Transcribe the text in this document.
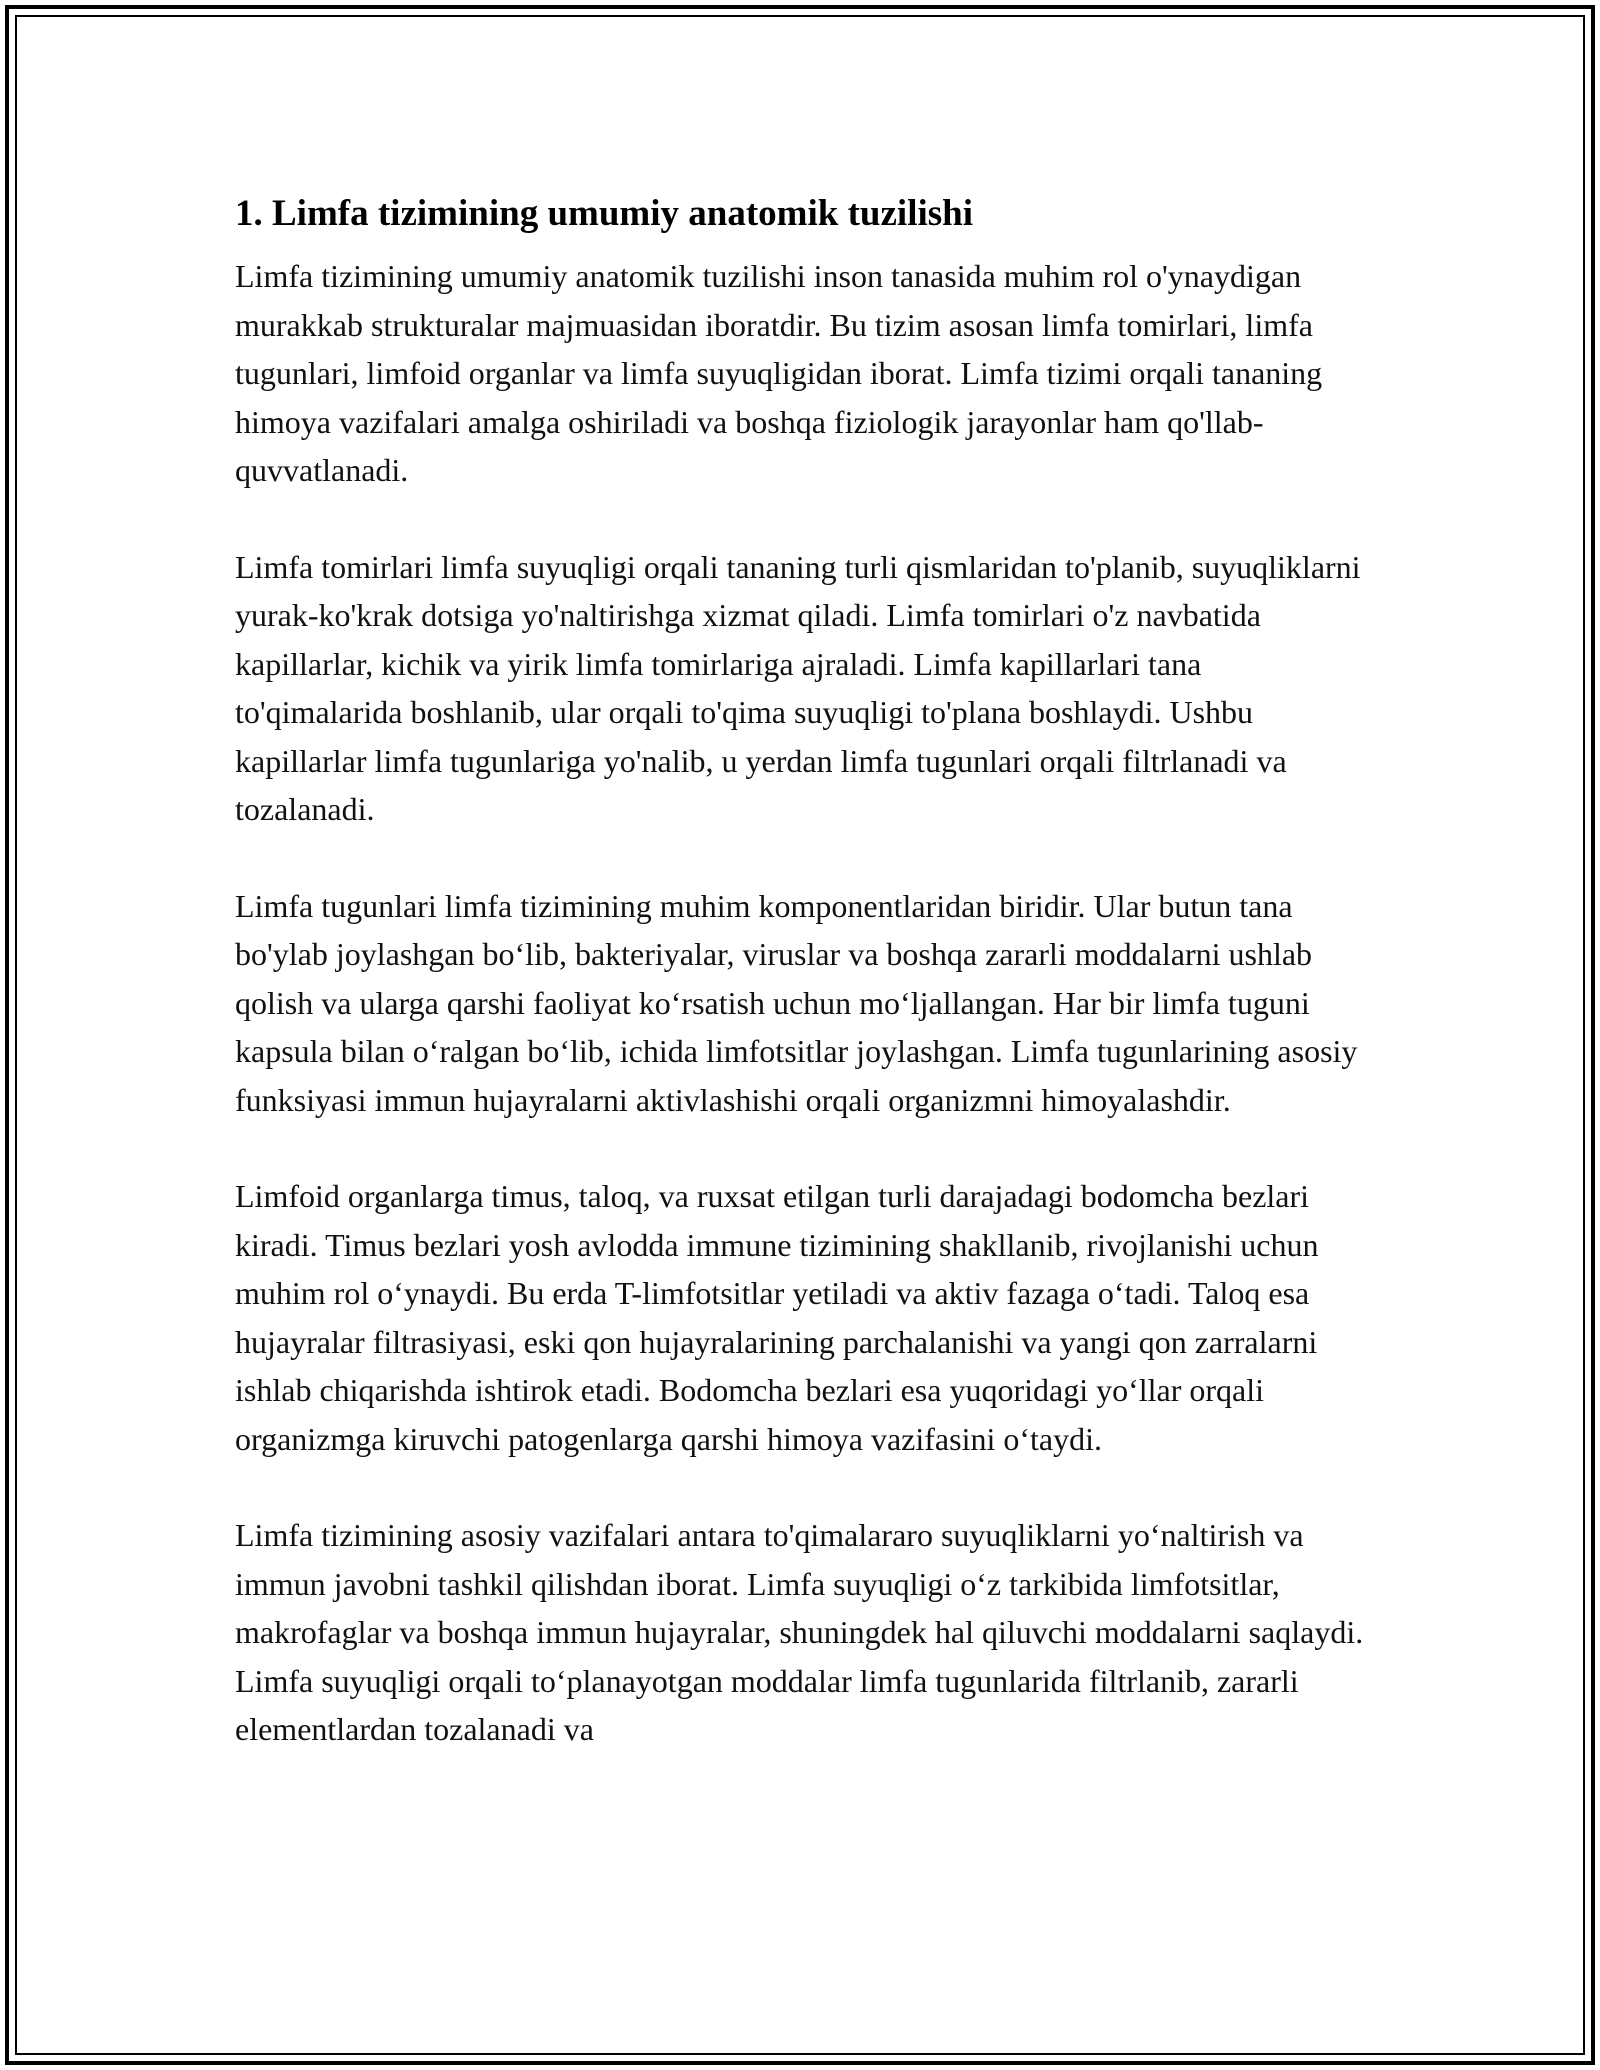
1. Limfa tizimining umumiy anatomik tuzilishi

Limfa tizimining umumiy anatomik tuzilishi inson tanasida muhim rol o'ynaydigan murakkab strukturalar majmuasidan iboratdir. Bu tizim asosan limfa tomirlari, limfa tugunlari, limfoid organlar va limfa suyuqligidan iborat. Limfa tizimi orqali tananing himoya vazifalari amalga oshiriladi va boshqa fiziologik jarayonlar ham qo'llab-quvvatlanadi.

Limfa tomirlari limfa suyuqligi orqali tananing turli qismlaridan to'planib, suyuqliklarni yurak-ko'krak dotsiga yo'naltirishga xizmat qiladi. Limfa tomirlari o'z navbatida kapillarlar, kichik va yirik limfa tomirlariga ajraladi. Limfa kapillarlari tana to'qimalarida boshlanib, ular orqali to'qima suyuqligi to'plana boshlaydi. Ushbu kapillarlar limfa tugunlariga yo'nalib, u yerdan limfa tugunlari orqali filtrlanadi va tozalanadi.

Limfa tugunlari limfa tizimining muhim komponentlaridan biridir. Ular butun tana bo'ylab joylashgan bo‘lib, bakteriyalar, viruslar va boshqa zararli moddalarni ushlab qolish va ularga qarshi faoliyat ko‘rsatish uchun mo‘ljallangan. Har bir limfa tuguni kapsula bilan o‘ralgan bo‘lib, ichida limfotsitlar joylashgan. Limfa tugunlarining asosiy funksiyasi immun hujayralarni aktivlashishi orqali organizmni himoyalashdir.

Limfoid organlarga timus, taloq, va ruxsat etilgan turli darajadagi bodomcha bezlari kiradi. Timus bezlari yosh avlodda immune tizimining shakllanib, rivojlanishi uchun muhim rol o‘ynaydi. Bu erda T-limfotsitlar yetiladi va aktiv fazaga o‘tadi. Taloq esa hujayralar filtrasiyasi, eski qon hujayralarining parchalanishi va yangi qon zarralarni ishlab chiqarishda ishtirok etadi. Bodomcha bezlari esa yuqoridagi yo‘llar orqali organizmga kiruvchi patogenlarga qarshi himoya vazifasini o‘taydi.

Limfa tizimining asosiy vazifalari antara to'qimalararo suyuqliklarni yo‘naltirish va immun javobni tashkil qilishdan iborat. Limfa suyuqligi o‘z tarkibida limfotsitlar, makrofaglar va boshqa immun hujayralar, shuningdek hal qiluvchi moddalarni saqlaydi. Limfa suyuqligi orqali to‘planayotgan moddalar limfa tugunlarida filtrlanib, zararli elementlardan tozalanadi va
